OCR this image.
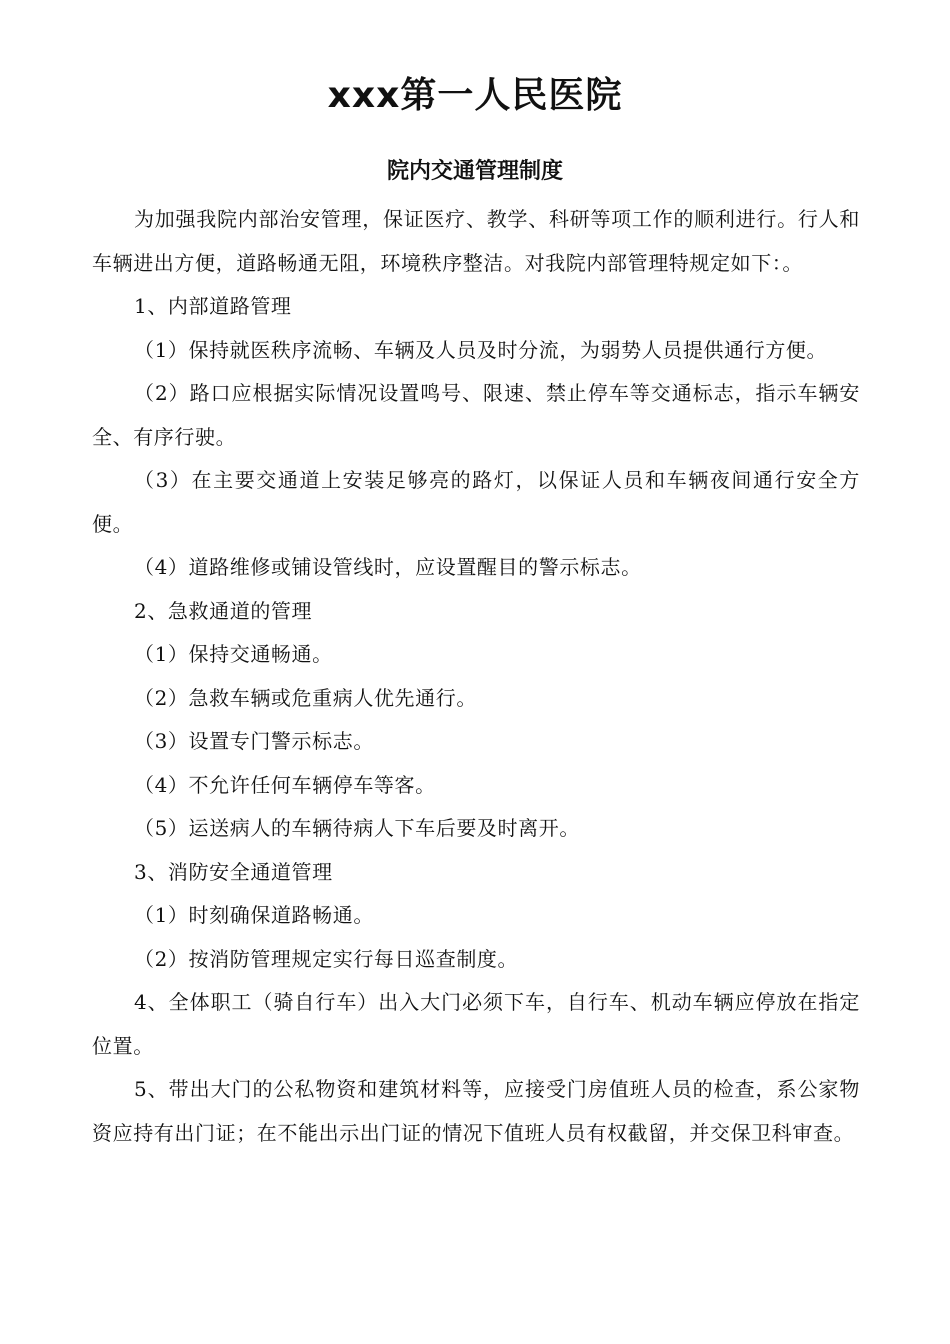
xxx第一人民医院
院内交通管理制度

为加强我院内部治安管理，保证医疗、教学、科研等项工作的顺利进行。行人和车辆进出方便，道路畅通无阻，环境秩序整洁。对我院内部管理特规定如下：。

1、内部道路管理

（1）保持就医秩序流畅、车辆及人员及时分流，为弱势人员提供通行方便。

（2）路口应根据实际情况设置鸣号、限速、禁止停车等交通标志，指示车辆安全、有序行驶。

（3）在主要交通道上安装足够亮的路灯，以保证人员和车辆夜间通行安全方便。

（4）道路维修或铺设管线时，应设置醒目的警示标志。

2、急救通道的管理

（1）保持交通畅通。

（2）急救车辆或危重病人优先通行。

（3）设置专门警示标志。

（4）不允许任何车辆停车等客。

（5）运送病人的车辆待病人下车后要及时离开。

3、消防安全通道管理

（1）时刻确保道路畅通。

（2）按消防管理规定实行每日巡查制度。

4、全体职工（骑自行车）出入大门必须下车，自行车、机动车辆应停放在指定位置。

5、带出大门的公私物资和建筑材料等，应接受门房值班人员的检查，系公家物资应持有出门证；在不能出示出门证的情况下值班人员有权截留，并交保卫科审查。
